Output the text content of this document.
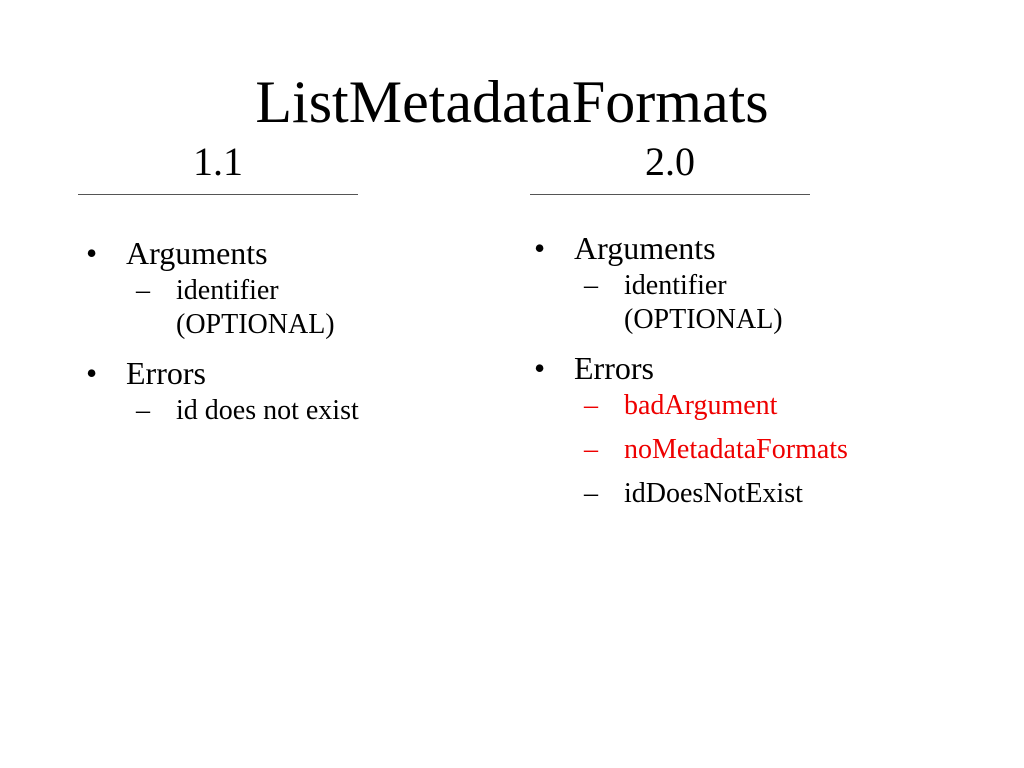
ListMetadataFormats
1.1	2.0
• Arguments
– identifier (OPTIONAL)
• Errors
– id does not exist
• Arguments
– identifier (OPTIONAL)
• Errors
– badArgument
– noMetadataFormats
– idDoesNotExist
